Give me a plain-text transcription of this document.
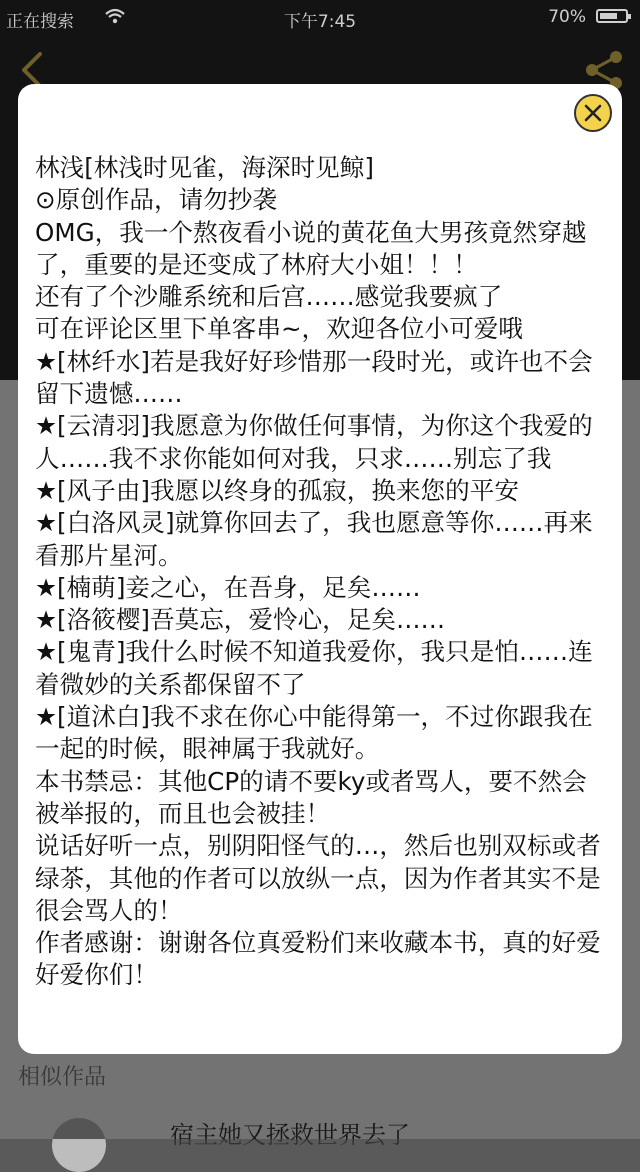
正在搜索	下午7:45	70%

林浅[林浅时见雀，海深时见鲸]

⊙原创作品，请勿抄袭

OMG，我一个熬夜看小说的黄花鱼大男孩竟然穿越了，重要的是还变成了林府大小姐！！！

还有了个沙雕系统和后宫……感觉我要疯了

可在评论区里下单客串~，欢迎各位小可爱哦

★[林纤水]若是我好好珍惜那一段时光，或许也不会留下遗憾……

★[云清羽]我愿意为你做任何事情，为你这个我爱的人……我不求你能如何对我，只求……别忘了我

★[风子由]我愿以终身的孤寂，换来您的平安

★[白洛风灵]就算你回去了，我也愿意等你……再来看那片星河。

★[楠萌]妾之心，在吾身，足矣……

★[洛筱樱]吾莫忘，爱怜心，足矣……

★[鬼青]我什么时候不知道我爱你，我只是怕……连着微妙的关系都保留不了

★[道沭白]我不求在你心中能得第一，不过你跟我在一起的时候，眼神属于我就好。

本书禁忌：其他CP的请不要ky或者骂人，要不然会被举报的，而且也会被挂！

说话好听一点，别阴阳怪气的…，然后也别双标或者绿茶，其他的作者可以放纵一点，因为作者其实不是很会骂人的！

作者感谢：谢谢各位真爱粉们来收藏本书，真的好爱好爱你们！
